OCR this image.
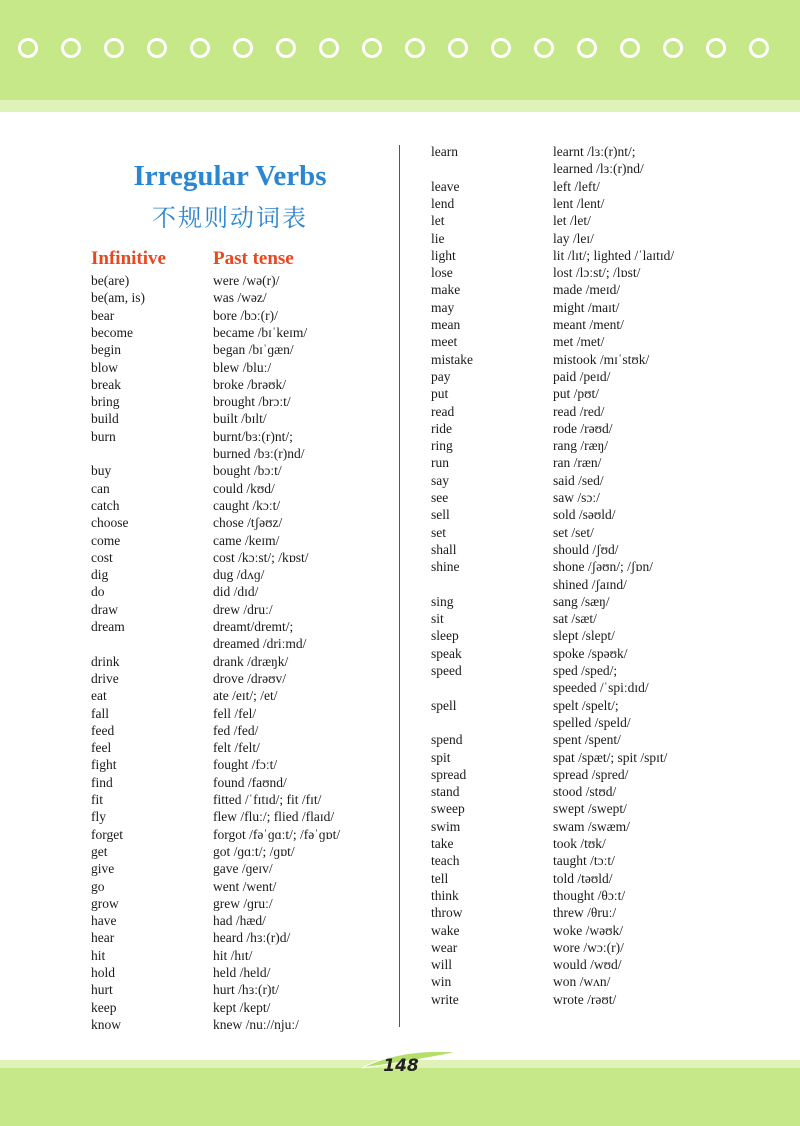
Irregular Verbs
不规则动词表
Infinitive Past tense
be(are)	were /wə(r)/
be(am, is)	was /wəz/
bear	bore /bɔː(r)/
become	became /bɪˈkeɪm/
begin	began /bɪˈɡæn/
blow	blew /bluː/
break	broke /brəʊk/
bring	brought /brɔːt/
build	built /bɪlt/
burn	burnt/bɜː(r)nt/;
burned /bɜː(r)nd/
buy	bought /bɔːt/
can	could /kʊd/
catch	caught /kɔːt/
choose	chose /tʃəʊz/
come	came /keɪm/
cost	cost /kɔːst/; /kɒst/
dig	dug /dʌɡ/
do	did /dɪd/
draw	drew /druː/
dream	dreamt/dremt/;
dreamed /driːmd/
drink	drank /dræŋk/
drive	drove /drəʊv/
eat	ate /eɪt/; /et/
fall	fell /fel/
feed	fed /fed/
feel	felt /felt/
fight	fought /fɔːt/
find	found /faʊnd/
fit	fitted /ˈfɪtɪd/; fit /fɪt/
fly	flew /fluː/; flied /flaɪd/
forget	forgot /fəˈɡɑːt/; /fəˈɡɒt/
get	got /ɡɑːt/; /ɡɒt/
give	gave /ɡeɪv/
go	went /went/
grow	grew /ɡruː/
have	had /hæd/
hear	heard /hɜː(r)d/
hit	hit /hɪt/
hold	held /held/
hurt	hurt /hɜː(r)t/
keep	kept /kept/
know	knew /nuː//njuː/
learn	learnt /lɜː(r)nt/;
learned /lɜː(r)nd/
leave	left /left/
lend	lent /lent/
let	let /let/
lie	lay /leɪ/
light	lit /lɪt/; lighted /ˈlaɪtɪd/
lose	lost /lɔːst/; /lɒst/
make	made /meɪd/
may	might /maɪt/
mean	meant /ment/
meet	met /met/
mistake	mistook /mɪˈstʊk/
pay	paid /peɪd/
put	put /pʊt/
read	read /red/
ride	rode /rəʊd/
ring	rang /ræŋ/
run	ran /ræn/
say	said /sed/
see	saw /sɔː/
sell	sold /səʊld/
set	set /set/
shall	should /ʃʊd/
shine	shone /ʃəʊn/; /ʃɒn/
shined /ʃaɪnd/
sing	sang /sæŋ/
sit	sat /sæt/
sleep	slept /slept/
speak	spoke /spəʊk/
speed	sped /sped/;
speeded /ˈspiːdɪd/
spell	spelt /spelt/;
spelled /speld/
spend	spent /spent/
spit	spat /spæt/; spit /spɪt/
spread	spread /spred/
stand	stood /stʊd/
sweep	swept /swept/
swim	swam /swæm/
take	took /tʊk/
teach	taught /tɔːt/
tell	told /təʊld/
think	thought /θɔːt/
throw	threw /θruː/
wake	woke /wəʊk/
wear	wore /wɔː(r)/
will	would /wʊd/
win	won /wʌn/
write	wrote /rəʊt/
148
